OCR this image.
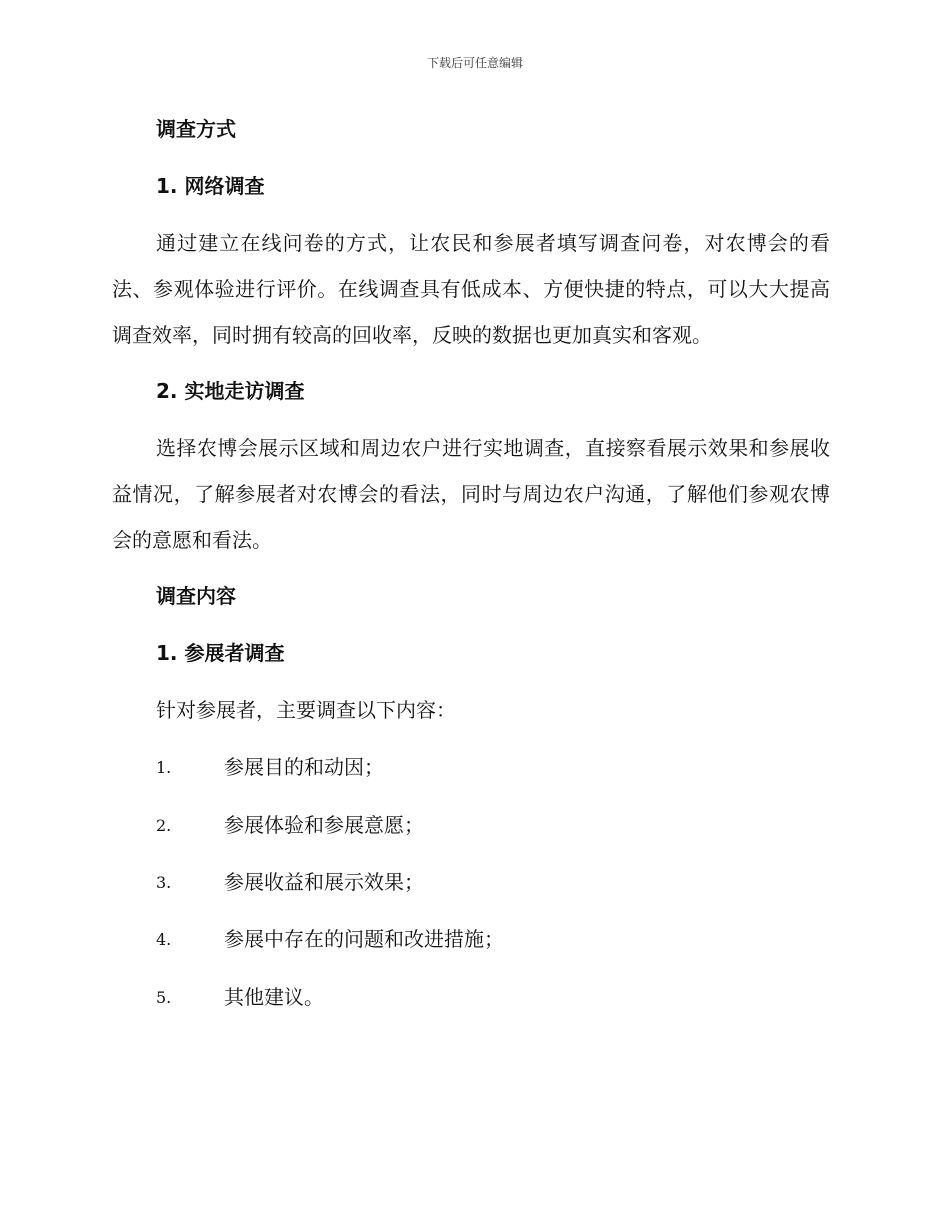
下载后可任意编辑
调查方式
1. 网络调查

通过建立在线问卷的方式，让农民和参展者填写调查问卷，对农博会的看法、参观体验进行评价。在线调查具有低成本、方便快捷的特点，可以大大提高调查效率，同时拥有较高的回收率，反映的数据也更加真实和客观。

2. 实地走访调查

选择农博会展示区域和周边农户进行实地调查，直接察看展示效果和参展收益情况，了解参展者对农博会的看法，同时与周边农户沟通，了解他们参观农博会的意愿和看法。

调查内容
1. 参展者调查
针对参展者，主要调查以下内容：
1.	参展目的和动因；
2.	参展体验和参展意愿；
3.	参展收益和展示效果；
4.	参展中存在的问题和改进措施；
5.	其他建议。
